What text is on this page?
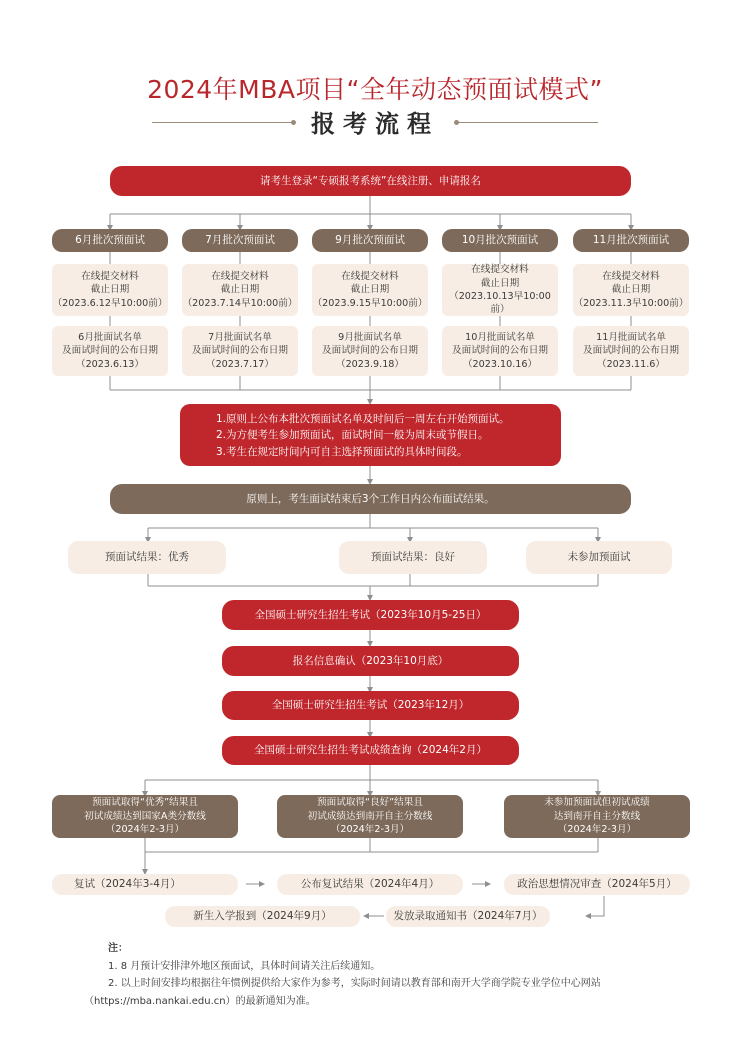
2024年MBA项目“全年动态预面试模式”
报考流程
请考生登录“专硕报考系统”在线注册、申请报名
6月批次预面试	7月批次预面试	9月批次预面试	10月批次预面试	11月批次预面试
在线提交材料
截止日期
（2023.6.12早10:00前）
在线提交材料
截止日期
（2023.7.14早10:00前）
在线提交材料
截止日期
（2023.9.15早10:00前）
在线提交材料
截止日期
（2023.10.13早10:00前）
在线提交材料
截止日期
（2023.11.3早10:00前）
6月批面试名单
及面试时间的公布日期
（2023.6.13）
7月批面试名单
及面试时间的公布日期
（2023.7.17）
9月批面试名单
及面试时间的公布日期
（2023.9.18）
10月批面试名单
及面试时间的公布日期
（2023.10.16）
11月批面试名单
及面试时间的公布日期
（2023.11.6）
1.原则上公布本批次预面试名单及时间后一周左右开始预面试。
2.为方便考生参加预面试，面试时间一般为周末或节假日。
3.考生在规定时间内可自主选择预面试的具体时间段。
原则上，考生面试结束后3个工作日内公布面试结果。
预面试结果：优秀	预面试结果：良好	未参加预面试
全国硕士研究生招生考试（2023年10月5-25日）
报名信息确认（2023年10月底）
全国硕士研究生招生考试（2023年12月）
全国硕士研究生招生考试成绩查询（2024年2月）
预面试取得“优秀”结果且
初试成绩达到国家A类分数线
（2024年2-3月）
预面试取得“良好”结果且
初试成绩达到南开自主分数线
（2024年2-3月）
未参加预面试但初试成绩
达到南开自主分数线
（2024年2-3月）
复试（2024年3-4月）	公布复试结果（2024年4月）	政治思想情况审查（2024年5月）
发放录取通知书（2024年7月）
新生入学报到（2024年9月）
注：
1. 8 月预计安排津外地区预面试，具体时间请关注后续通知。
2. 以上时间安排均根据往年惯例提供给大家作为参考，实际时间请以教育部和南开大学商学院专业学位中心网站
（https://mba.nankai.edu.cn）的最新通知为准。
